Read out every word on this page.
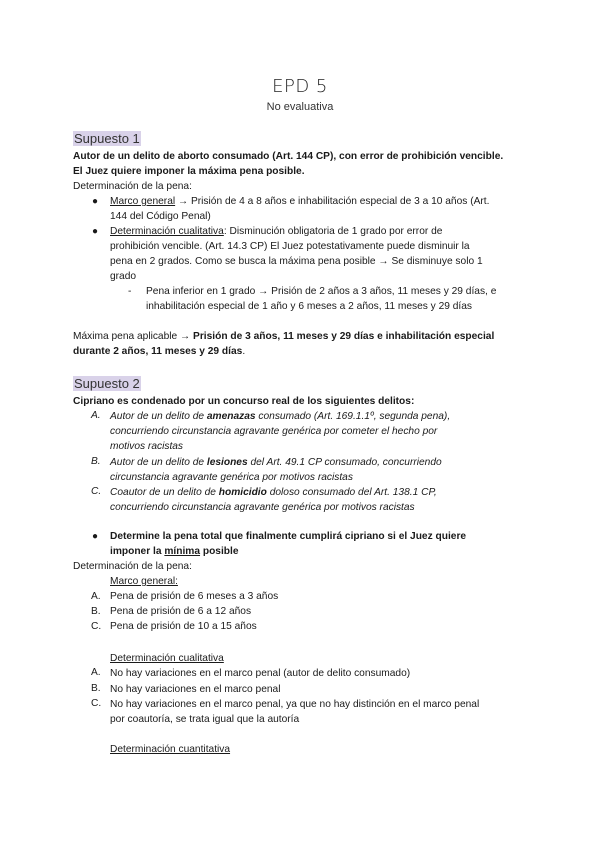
EPD 5
No evaluativa
Supuesto 1
Autor de un delito de aborto consumado (Art. 144 CP), con error de prohibición vencible.
El Juez quiere imponer la máxima pena posible.
Determinación de la pena:
● Marco general → Prisión de 4 a 8 años e inhabilitación especial de 3 a 10 años (Art.
144 del Código Penal)
● Determinación cualitativa: Disminución obligatoria de 1 grado por error de
prohibición vencible. (Art. 14.3 CP) El Juez potestativamente puede disminuir la
pena en 2 grados. Como se busca la máxima pena posible → Se disminuye solo 1
grado
- Pena inferior en 1 grado → Prisión de 2 años a 3 años, 11 meses y 29 días, e
inhabilitación especial de 1 año y 6 meses a 2 años, 11 meses y 29 días
Máxima pena aplicable → Prisión de 3 años, 11 meses y 29 días e inhabilitación especial
durante 2 años, 11 meses y 29 días.
Supuesto 2
Cipriano es condenado por un concurso real de los siguientes delitos:
A. Autor de un delito de amenazas consumado (Art. 169.1.1º, segunda pena),
concurriendo circunstancia agravante genérica por cometer el hecho por
motivos racistas
B. Autor de un delito de lesiones del Art. 49.1 CP consumado, concurriendo
circunstancia agravante genérica por motivos racistas
C. Coautor de un delito de homicidio doloso consumado del Art. 138.1 CP,
concurriendo circunstancia agravante genérica por motivos racistas
● Determine la pena total que finalmente cumplirá cipriano si el Juez quiere
imponer la mínima posible
Determinación de la pena:
Marco general:
A. Pena de prisión de 6 meses a 3 años
B. Pena de prisión de 6 a 12 años
C. Pena de prisión de 10 a 15 años
Determinación cualitativa
A. No hay variaciones en el marco penal (autor de delito consumado)
B. No hay variaciones en el marco penal
C. No hay variaciones en el marco penal, ya que no hay distinción en el marco penal
por coautoría, se trata igual que la autoría
Determinación cuantitativa
